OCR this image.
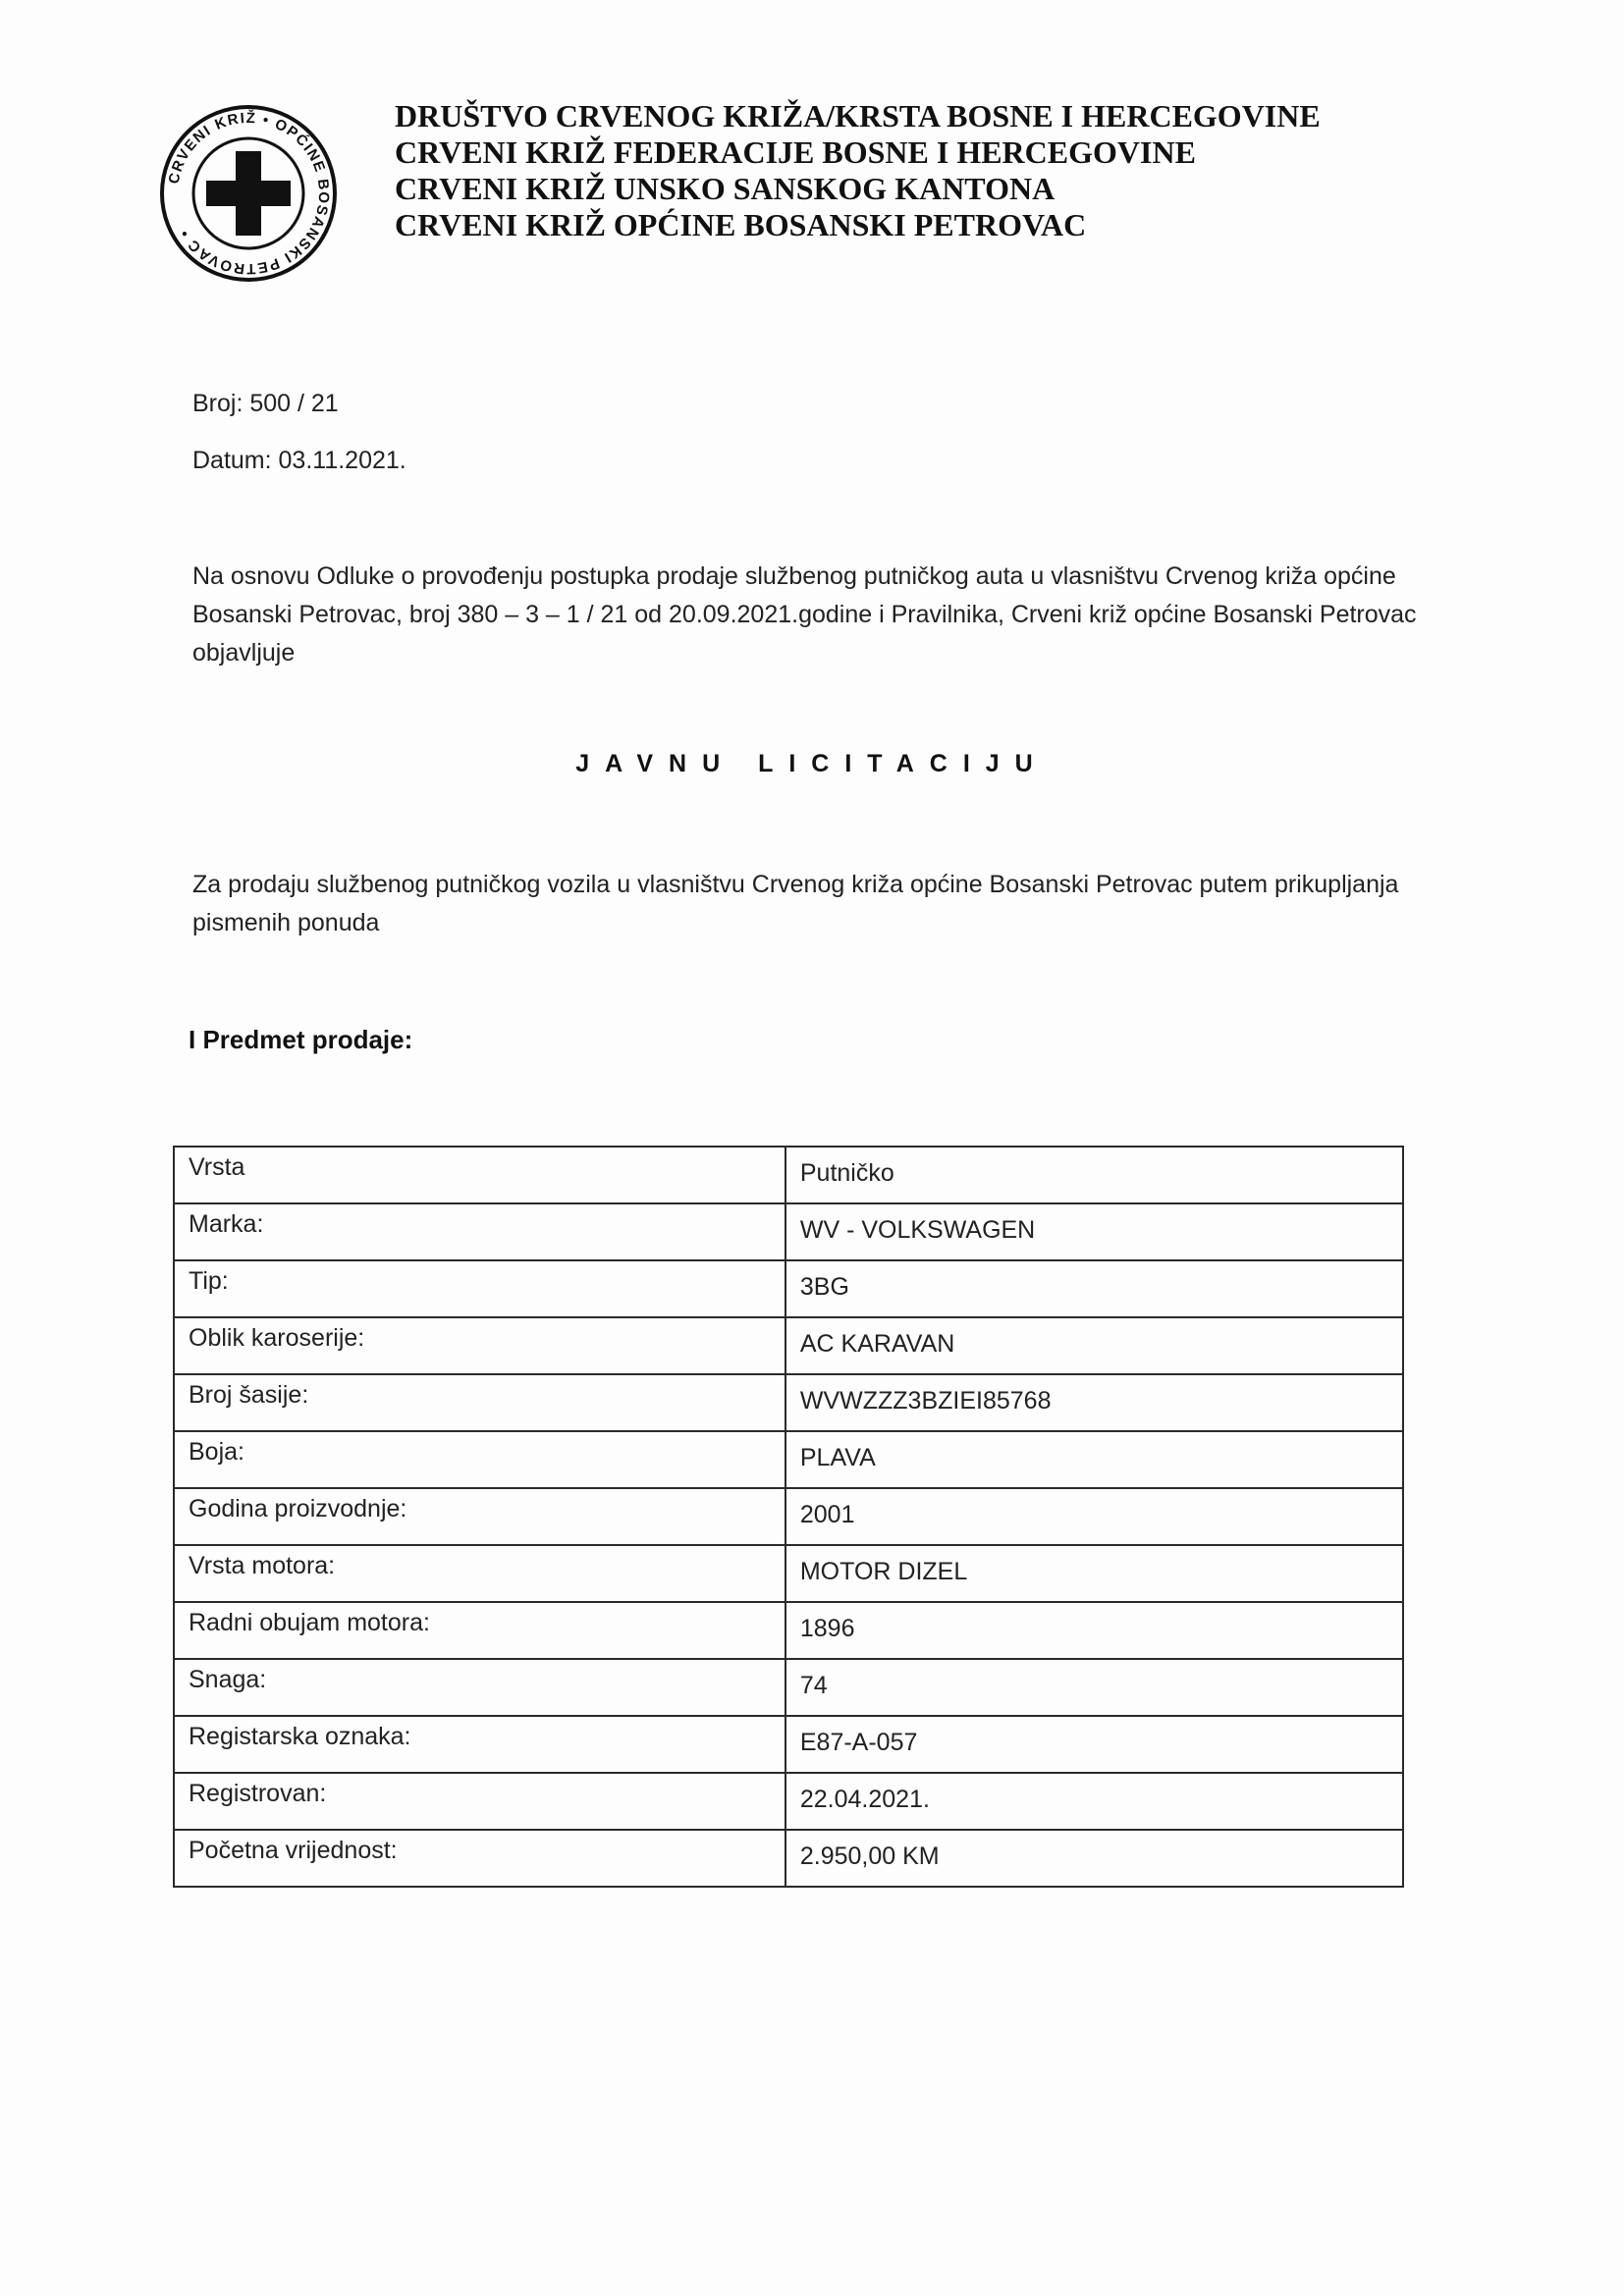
CRVENI KRIŽ • OPĆINE BOSANSKI PETROVAC •
DRUŠTVO CRVENOG KRIŽA/KRSTA BOSNE I HERCEGOVINE
CRVENI KRIŽ FEDERACIJE BOSNE I HERCEGOVINE
CRVENI KRIŽ UNSKO SANSKOG KANTONA
CRVENI KRIŽ OPĆINE BOSANSKI PETROVAC
Broj: 500 / 21
Datum: 03.11.2021.
Na osnovu Odluke o provođenju postupka prodaje službenog putničkog auta u vlasništvu Crvenog križa općine Bosanski Petrovac, broj 380 – 3 – 1 / 21 od 20.09.2021.godine i Pravilnika, Crveni križ općine Bosanski Petrovac objavljuje
JAVNU LICITACIJU
Za prodaju službenog putničkog vozila u vlasništvu Crvenog križa općine Bosanski Petrovac putem prikupljanja pismenih ponuda
I Predmet prodaje:
Vrsta	Putničko
Marka:	WV - VOLKSWAGEN
Tip:	3BG
Oblik karoserije:	AC KARAVAN
Broj šasije:	WVWZZZ3BZIEI85768
Boja:	PLAVA
Godina proizvodnje:	2001
Vrsta motora:	MOTOR DIZEL
Radni obujam motora:	1896
Snaga:	74
Registarska oznaka:	E87-A-057
Registrovan:	22.04.2021.
Početna vrijednost:	2.950,00 KM
